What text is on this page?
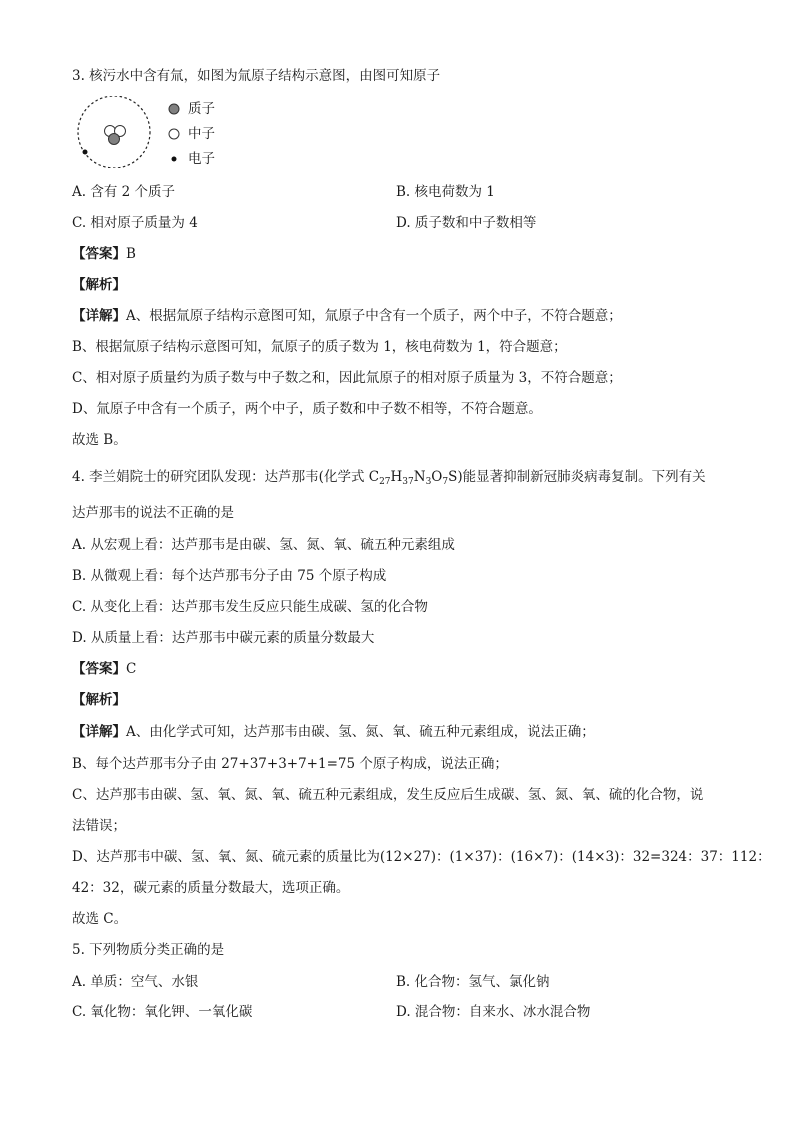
3. 核污水中含有氚，如图为氚原子结构示意图，由图可知原子
质子
中子
电子
A. 含有 2 个质子	B. 核电荷数为 1
C. 相对原子质量为 4	D. 质子数和中子数相等
【答案】B
【解析】
【详解】A、根据氚原子结构示意图可知，氚原子中含有一个质子，两个中子，不符合题意；
B、根据氚原子结构示意图可知，氚原子的质子数为 1，核电荷数为 1，符合题意；
C、相对原子质量约为质子数与中子数之和，因此氚原子的相对原子质量为 3，不符合题意；
D、氚原子中含有一个质子，两个中子，质子数和中子数不相等，不符合题意。
故选 B。
4. 李兰娟院士的研究团队发现：达芦那韦(化学式 $C_{27}H_{37}N_3O_7S$)能显著抑制新冠肺炎病毒复制。下列有关
达芦那韦的说法不正确的是
A. 从宏观上看：达芦那韦是由碳、氢、氮、氧、硫五种元素组成
B. 从微观上看：每个达芦那韦分子由 75 个原子构成
C. 从变化上看：达芦那韦发生反应只能生成碳、氢的化合物
D. 从质量上看：达芦那韦中碳元素的质量分数最大
【答案】C
【解析】
【详解】A、由化学式可知，达芦那韦由碳、氢、氮、氧、硫五种元素组成，说法正确；
B、每个达芦那韦分子由 27+37+3+7+1=75 个原子构成，说法正确；
C、达芦那韦由碳、氢、氧、氮、氧、硫五种元素组成，发生反应后生成碳、氢、氮、氧、硫的化合物，说
法错误；
D、达芦那韦中碳、氢、氧、氮、硫元素的质量比为(12×27)：(1×37)：(16×7)：(14×3)：32=324：37：112：
42：32，碳元素的质量分数最大，选项正确。
故选 C。
5. 下列物质分类正确的是
A. 单质：空气、水银	B. 化合物：氢气、氯化钠
C. 氧化物：氧化钾、一氧化碳	D. 混合物：自来水、冰水混合物
